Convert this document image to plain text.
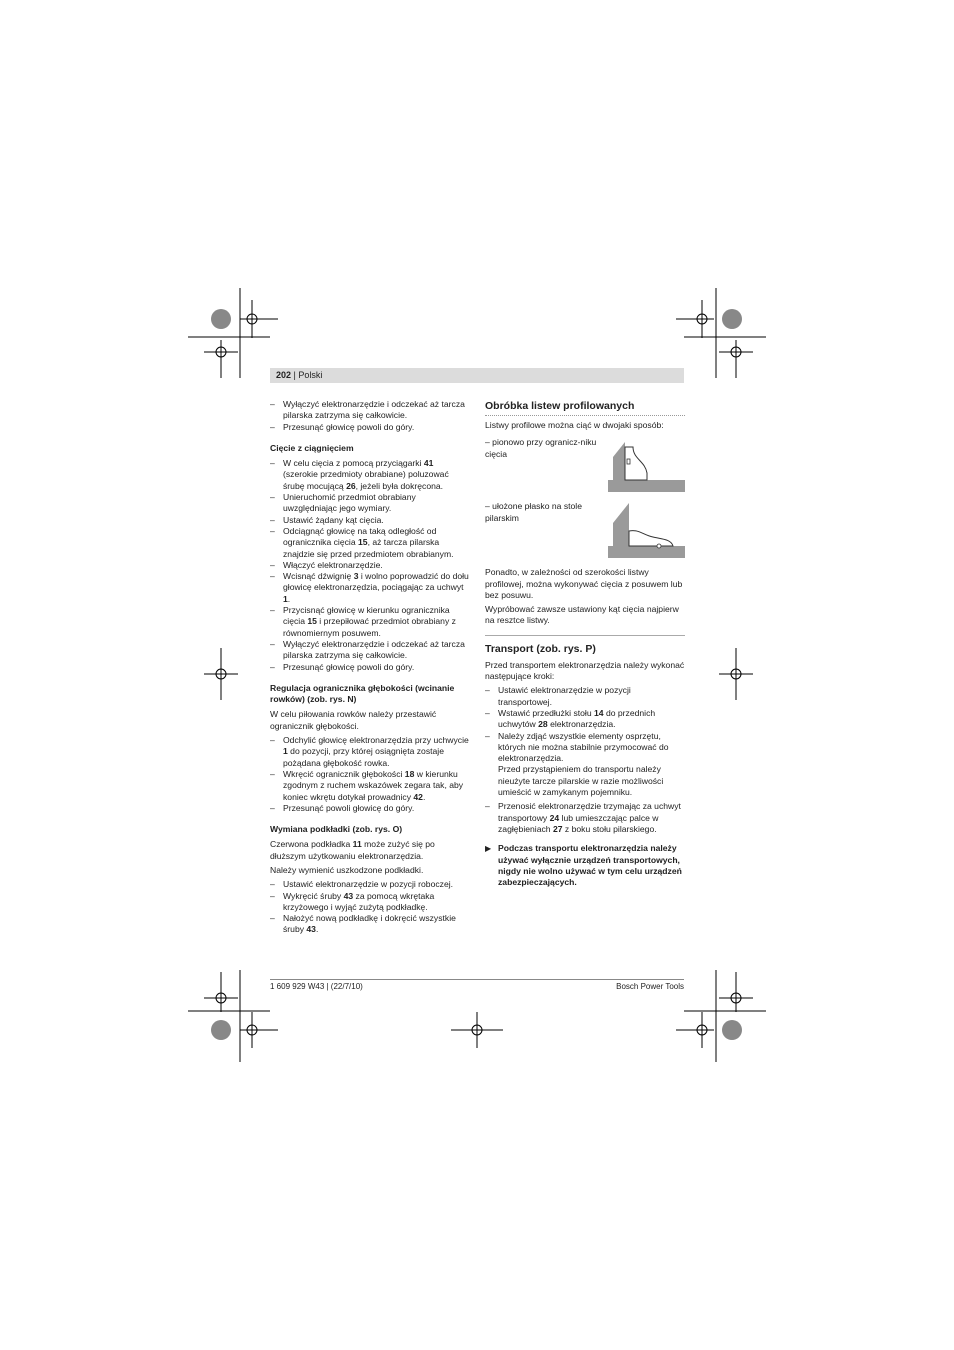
202 | Polski
– Wyłączyć elektronarzędzie i odczekać aż tarcza pilarska zatrzyma się całkowicie.
– Przesunąć głowicę powoli do góry.
Cięcie z ciągnięciem
– W celu cięcia z pomocą przyciągarki 41 (szerokie przedmioty obrabiane) poluzować śrubę mocującą 26, jeżeli była dokręcona.
– Unieruchomić przedmiot obrabiany uwzględniając jego wymiary.
– Ustawić żądany kąt cięcia.
– Odciągnąć głowicę na taką odległość od ogranicznika cięcia 15, aż tarcza pilarska znajdzie się przed przedmiotem obrabianym.
– Włączyć elektronarzędzie.
– Wcisnąć dźwignię 3 i wolno poprowadzić do dołu głowicę elektronarzędzia, pociągając za uchwyt 1.
– Przycisnąć głowicę w kierunku ogranicznika cięcia 15 i przepiłować przedmiot obrabiany z równomiernym posuwem.
– Wyłączyć elektronarzędzie i odczekać aż tarcza pilarska zatrzyma się całkowicie.
– Przesunąć głowicę powoli do góry.
Regulacja ogranicznika głębokości (wcinanie rowków) (zob. rys. N)
W celu piłowania rowków należy przestawić ogranicznik głębokości.
– Odchylić głowicę elektronarzędzia przy uchwycie 1 do pozycji, przy której osiągnięta zostaje pożądana głębokość rowka.
– Wkręcić ogranicznik głębokości 18 w kierunku zgodnym z ruchem wskazówek zegara tak, aby koniec wkrętu dotykał prowadnicy 42.
– Przesunąć powoli głowicę do góry.
Wymiana podkładki (zob. rys. O)
Czerwona podkładka 11 może zużyć się po dłuższym użytkowaniu elektronarzędzia.
Należy wymienić uszkodzone podkładki.
– Ustawić elektronarzędzie w pozycji roboczej.
– Wykręcić śruby 43 za pomocą wkrętaka krzyżowego i wyjąć zużytą podkładkę.
– Nałożyć nową podkładkę i dokręcić wszystkie śruby 43.
Obróbka listew profilowanych
Listwy profilowe można ciąć w dwojaki sposób:
– pionowo przy ogranicz-niku cięcia
– ułożone płasko na stole pilarskim
Ponadto, w zależności od szerokości listwy profilowej, można wykonywać cięcia z posuwem lub bez posuwu.
Wypróbować zawsze ustawiony kąt cięcia najpierw na resztce listwy.
Transport (zob. rys. P)
Przed transportem elektronarzędzia należy wykonać następujące kroki:
– Ustawić elektronarzędzie w pozycji transportowej.
– Wstawić przedłużki stołu 14 do przednich uchwytów 28 elektronarzędzia.
– Należy zdjąć wszystkie elementy osprzętu, których nie można stabilnie przymocować do elektronarzędzia.
Przed przystąpieniem do transportu należy nieużyte tarcze pilarskie w razie możliwości umieścić w zamykanym pojemniku.
– Przenosić elektronarzędzie trzymając za uchwyt transportowy 24 lub umieszczając palce w zagłębieniach 27 z boku stołu pilarskiego.
▶ Podczas transportu elektronarzędzia należy używać wyłącznie urządzeń transportowych, nigdy nie wolno używać w tym celu urządzeń zabezpieczających.
1 609 929 W43 | (22/7/10)	Bosch Power Tools
